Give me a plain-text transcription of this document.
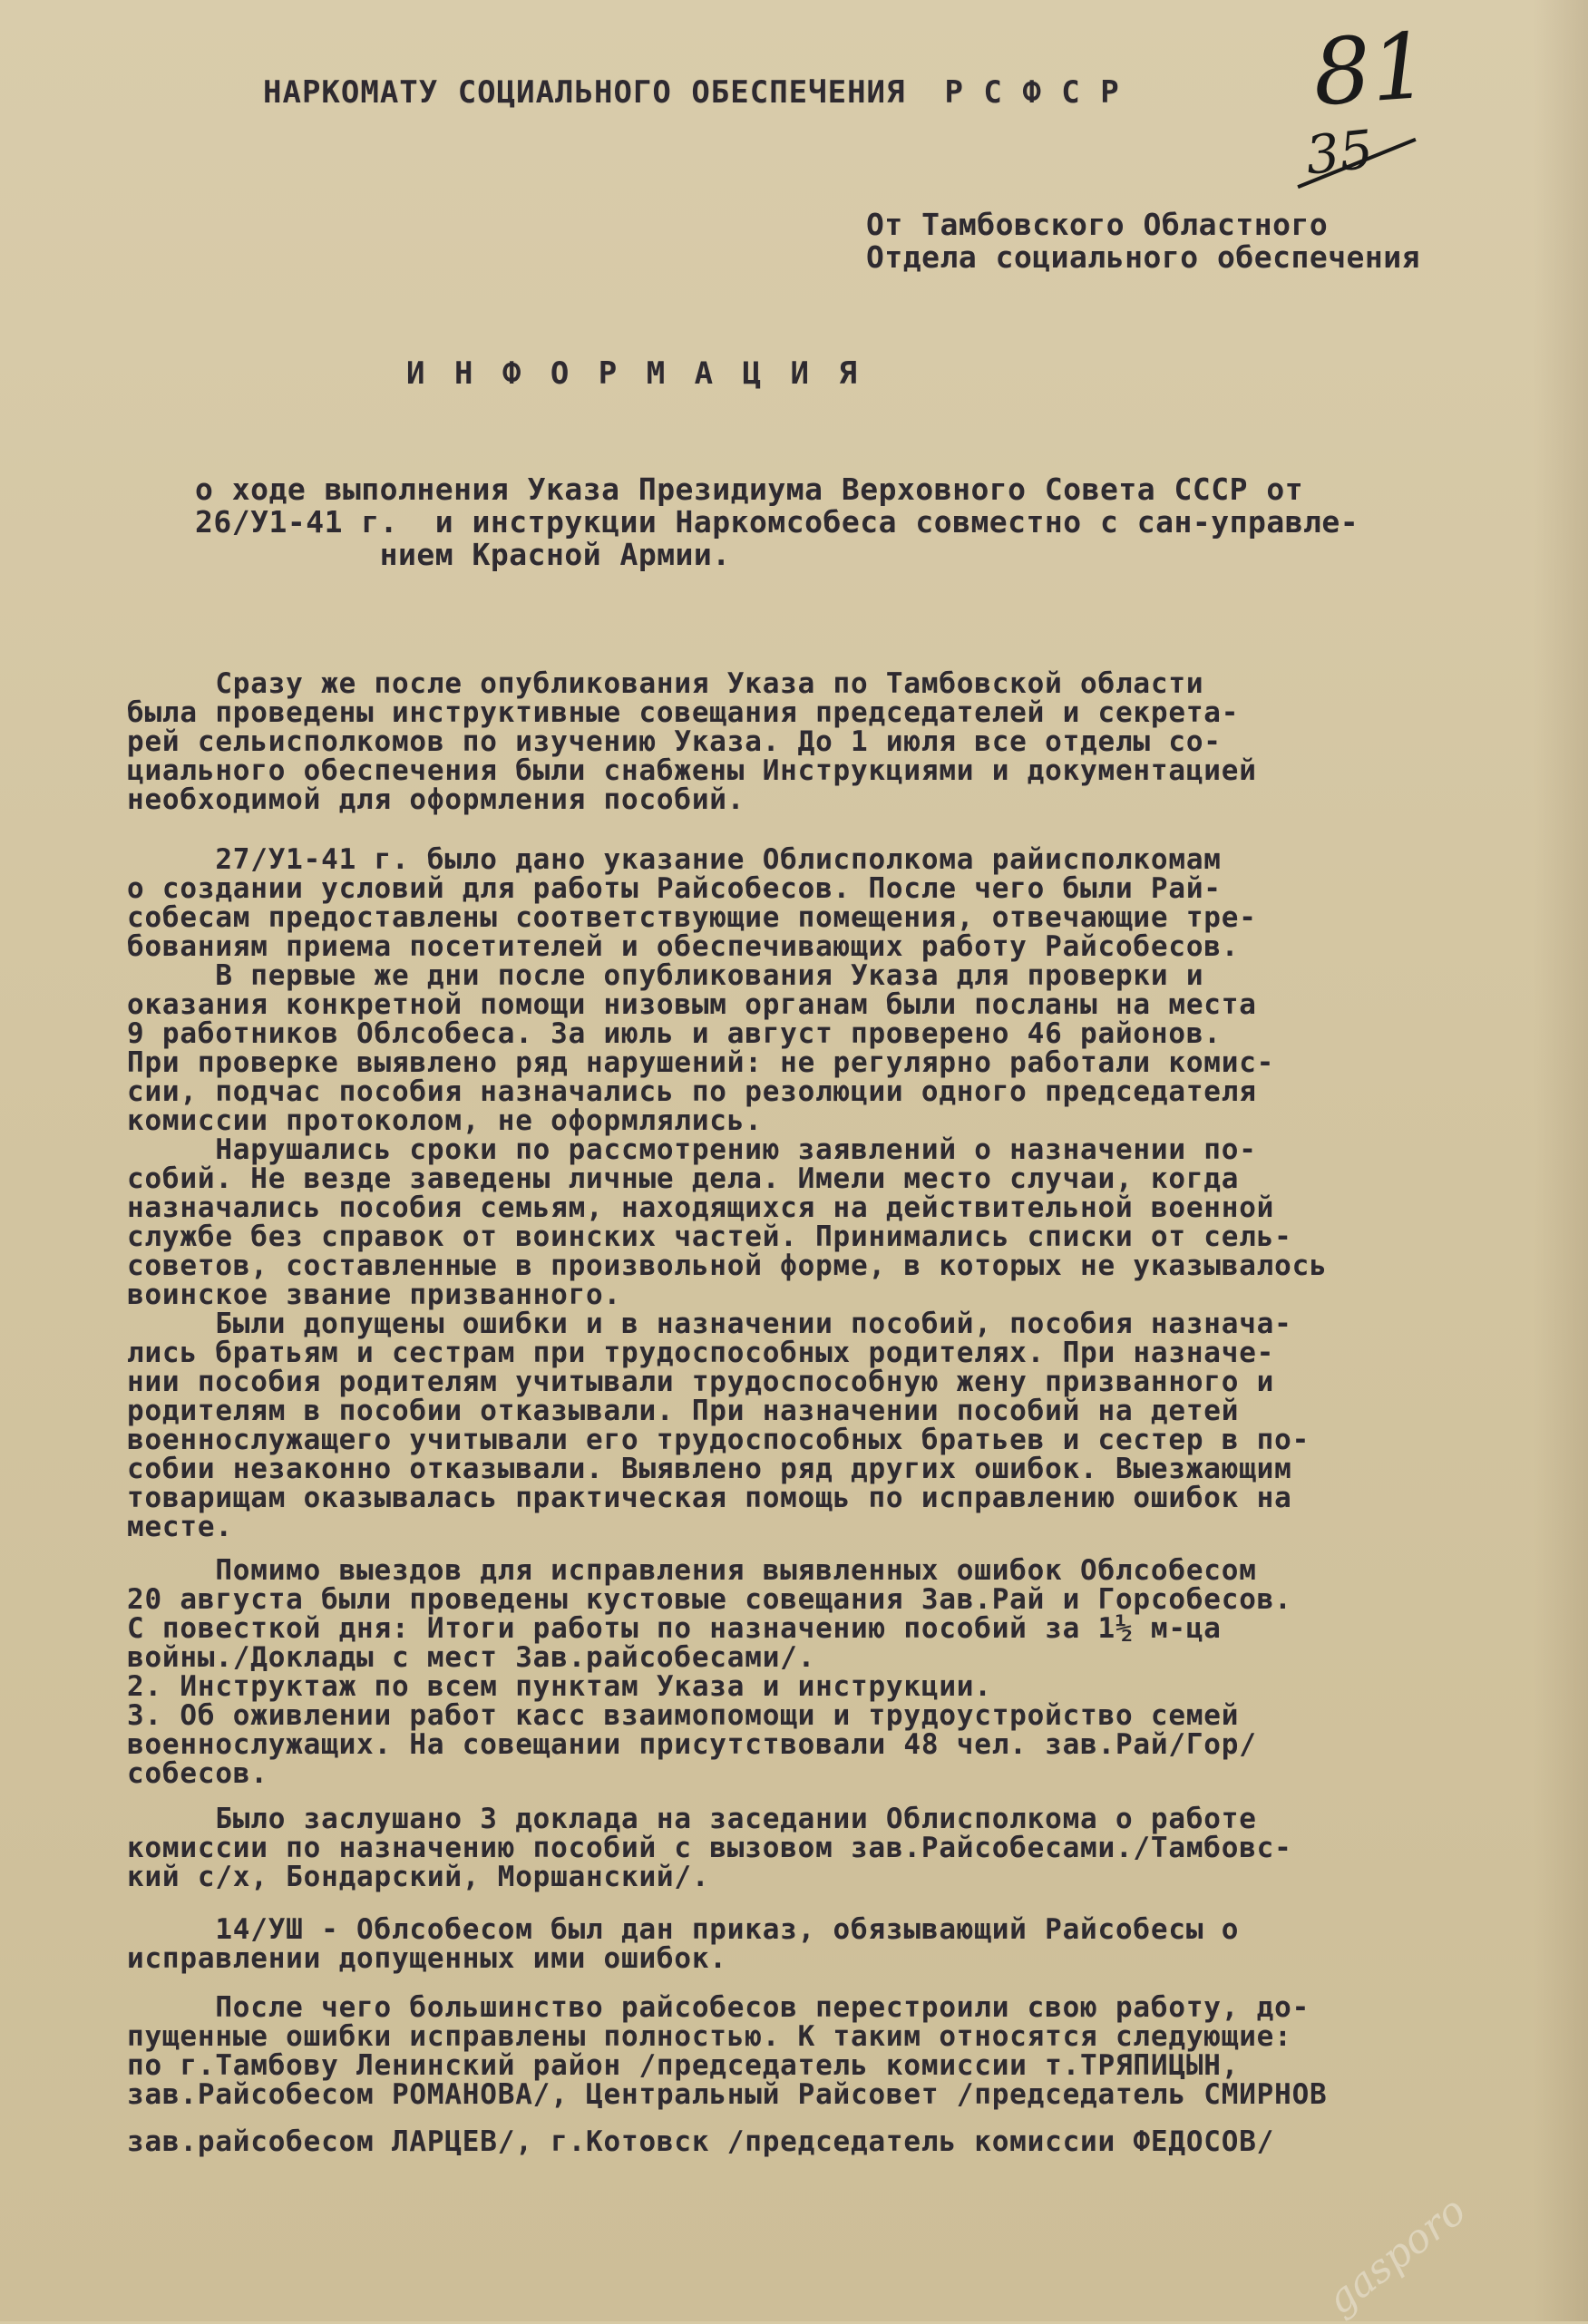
НАРКОМАТУ СОЦИАЛЬНОГО ОБЕСПЕЧЕНИЯ  Р С Ф С Р 81
35
От Тамбовского Областного
Отдела социального обеспечения
И Н Ф О Р М А Ц И Я
о ходе выполнения Указа Президиума Верховного Совета СССР от
26/У1-41 г.  и инструкции Наркомсобеса совместно с сан-управле-
нием Красной Армии.
Сразу же после опубликования Указа по Тамбовской области
была проведены инструктивные совещания председателей и секрета-
рей сельисполкомов по изучению Указа. До 1 июля все отделы со-
циального обеспечения были снабжены Инструкциями и документацией
необходимой для оформления пособий.
27/У1-41 г. было дано указание Облисполкома райисполкомам
о создании условий для работы Райсобесов. После чего были Рай-
собесам предоставлены соответствующие помещения, отвечающие тре-
бованиям приема посетителей и обеспечивающих работу Райсобесов.
В первые же дни после опубликования Указа для проверки и
оказания конкретной помощи низовым органам были посланы на места
9 работников Облсобеса. За июль и август проверено 46 районов.
При проверке выявлено ряд нарушений: не регулярно работали комис-
сии, подчас пособия назначались по резолюции одного председателя
комиссии протоколом, не оформлялись.
Нарушались сроки по рассмотрению заявлений о назначении по-
собий. Не везде заведены личные дела. Имели место случаи, когда
назначались пособия семьям, находящихся на действительной военной
службе без справок от воинских частей. Принимались списки от сель-
советов, составленные в произвольной форме, в которых не указывалось
воинское звание призванного.
Были допущены ошибки и в назначении пособий, пособия назнача-
лись братьям и сестрам при трудоспособных родителях. При назначе-
нии пособия родителям учитывали трудоспособную жену призванного и
родителям в пособии отказывали. При назначении пособий на детей
военнослужащего учитывали его трудоспособных братьев и сестер в по-
собии незаконно отказывали. Выявлено ряд других ошибок. Выезжающим
товарищам оказывалась практическая помощь по исправлению ошибок на
месте.
Помимо выездов для исправления выявленных ошибок Облсобесом
20 августа были проведены кустовые совещания Зав.Рай и Горсобесов.
С повесткой дня: Итоги работы по назначению пособий за 1½ м-ца
войны./Доклады с мест Зав.райсобесами/.
2. Инструктаж по всем пунктам Указа и инструкции.
3. Об оживлении работ касс взаимопомощи и трудоустройство семей
военнослужащих. На совещании присутствовали 48 чел. зав.Рай/Гор/
собесов.
Было заслушано 3 доклада на заседании Облисполкома о работе
комиссии по назначению пособий с вызовом зав.Райсобесами./Тамбовс-
кий с/х, Бондарский, Моршанский/.
14/УШ - Облсобесом был дан приказ, обязывающий Райсобесы о
исправлении допущенных ими ошибок.
После чего большинство райсобесов перестроили свою работу, до-
пущенные ошибки исправлены полностью. К таким относятся следующие:
по г.Тамбову Ленинский район /председатель комиссии т.ТРЯПИЦЫН,
зав.Райсобесом РОМАНОВА/, Центральный Райсовет /председатель СМИРНОВ
зав.райсобесом ЛАРЦЕВ/, г.Котовск /председатель комиссии ФЕДОСОВ/
gasporo
